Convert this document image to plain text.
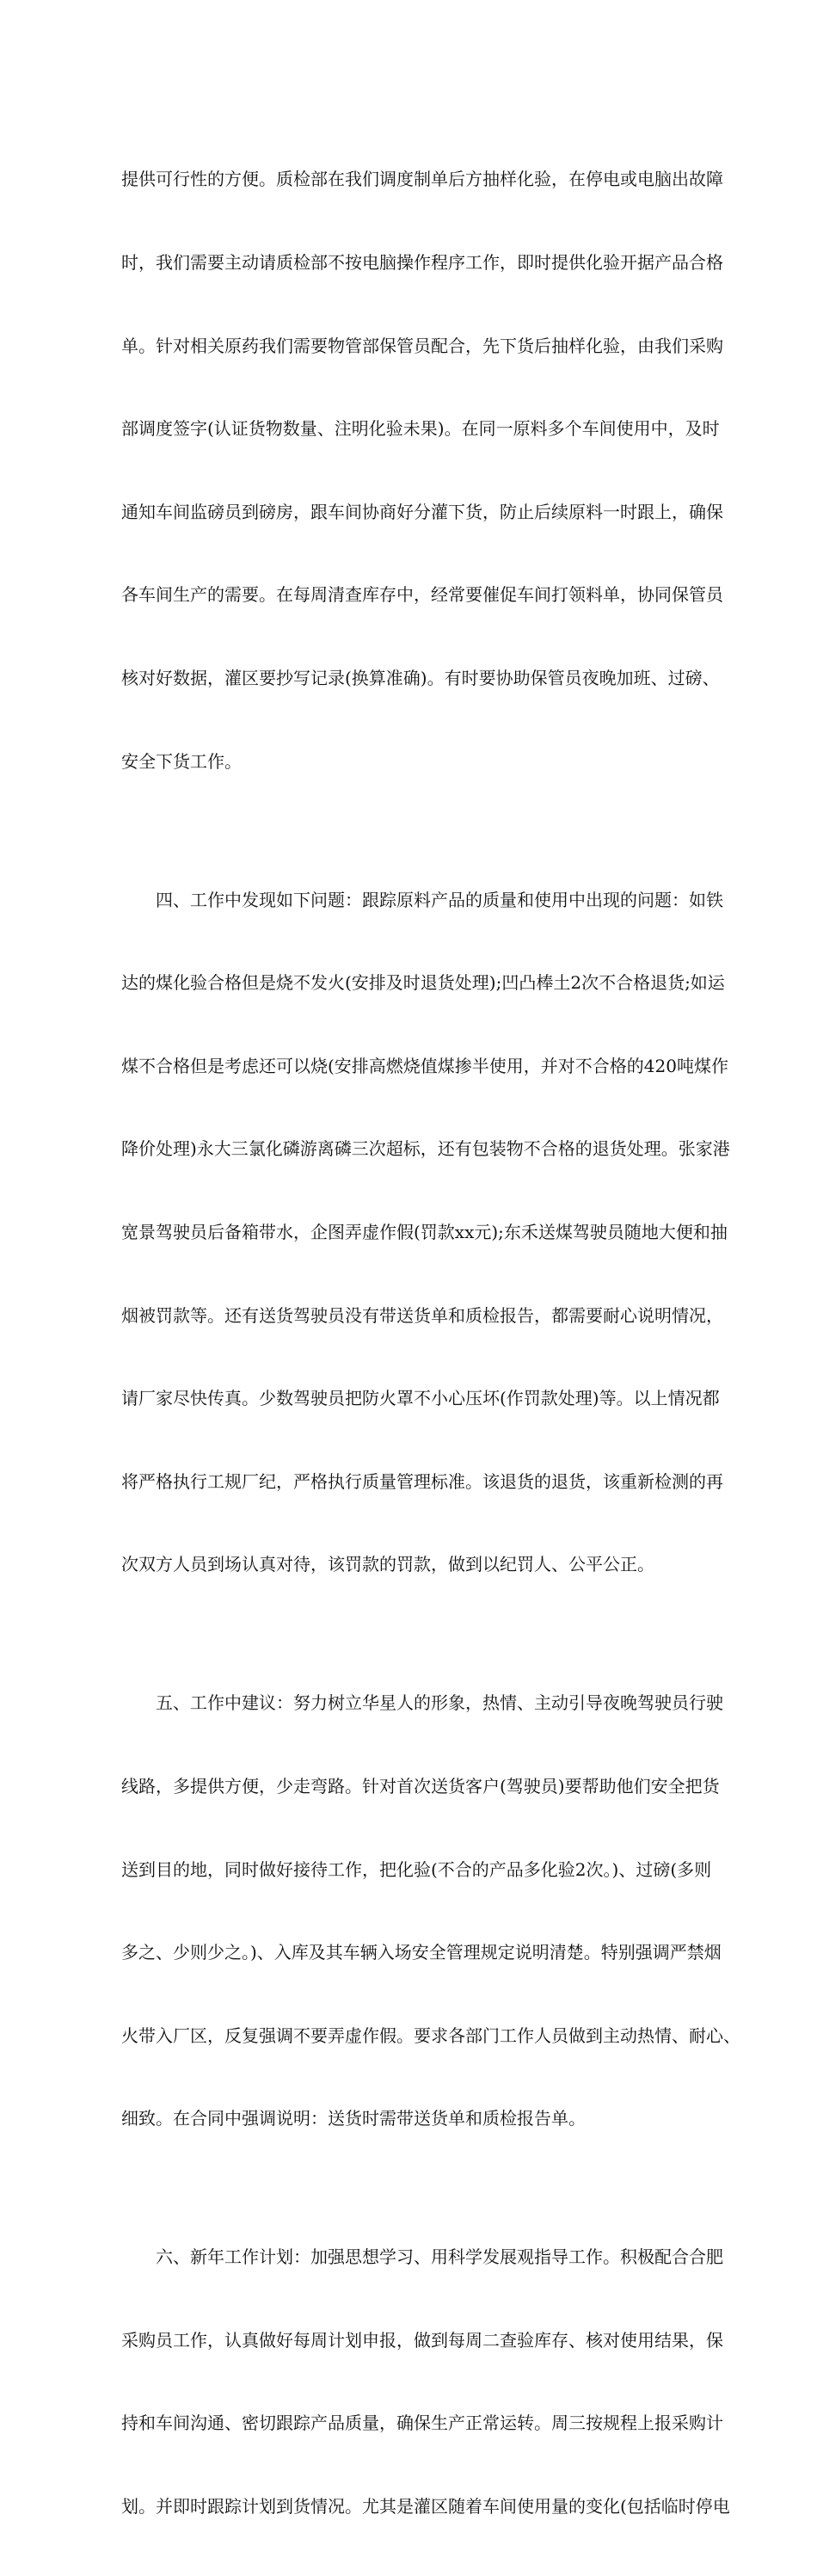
提供可行性的方便。质检部在我们调度制单后方抽样化验，在停电或电脑出故障

时，我们需要主动请质检部不按电脑操作程序工作，即时提供化验开据产品合格

单。针对相关原药我们需要物管部保管员配合，先下货后抽样化验，由我们采购

部调度签字(认证货物数量、注明化验未果)。在同一原料多个车间使用中，及时

通知车间监磅员到磅房，跟车间协商好分灌下货，防止后续原料一时跟上，确保

各车间生产的需要。在每周清查库存中，经常要催促车间打领料单，协同保管员

核对好数据，灌区要抄写记录(换算准确)。有时要协助保管员夜晚加班、过磅、

安全下货工作。

四、工作中发现如下问题：跟踪原料产品的质量和使用中出现的问题：如铁

达的煤化验合格但是烧不发火(安排及时退货处理);凹凸棒土2次不合格退货;如运

煤不合格但是考虑还可以烧(安排高燃烧值煤掺半使用，并对不合格的420吨煤作

降价处理)永大三氯化磷游离磷三次超标，还有包装物不合格的退货处理。张家港

宽景驾驶员后备箱带水，企图弄虚作假(罚款xx元);东禾送煤驾驶员随地大便和抽

烟被罚款等。还有送货驾驶员没有带送货单和质检报告，都需要耐心说明情况，

请厂家尽快传真。少数驾驶员把防火罩不小心压坏(作罚款处理)等。以上情况都

将严格执行工规厂纪，严格执行质量管理标准。该退货的退货，该重新检测的再

次双方人员到场认真对待，该罚款的罚款，做到以纪罚人、公平公正。

五、工作中建议：努力树立华星人的形象，热情、主动引导夜晚驾驶员行驶

线路，多提供方便，少走弯路。针对首次送货客户(驾驶员)要帮助他们安全把货

送到目的地，同时做好接待工作，把化验(不合的产品多化验2次。)、过磅(多则

多之、少则少之。)、入库及其车辆入场安全管理规定说明清楚。特别强调严禁烟

火带入厂区，反复强调不要弄虚作假。要求各部门工作人员做到主动热情、耐心、

细致。在合同中强调说明：送货时需带送货单和质检报告单。

六、新年工作计划：加强思想学习、用科学发展观指导工作。积极配合合肥

采购员工作，认真做好每周计划申报，做到每周二查验库存、核对使用结果，保

持和车间沟通、密切跟踪产品质量，确保生产正常运转。周三按规程上报采购计

划。并即时跟踪计划到货情况。尤其是灌区随着车间使用量的变化(包括临时停电
